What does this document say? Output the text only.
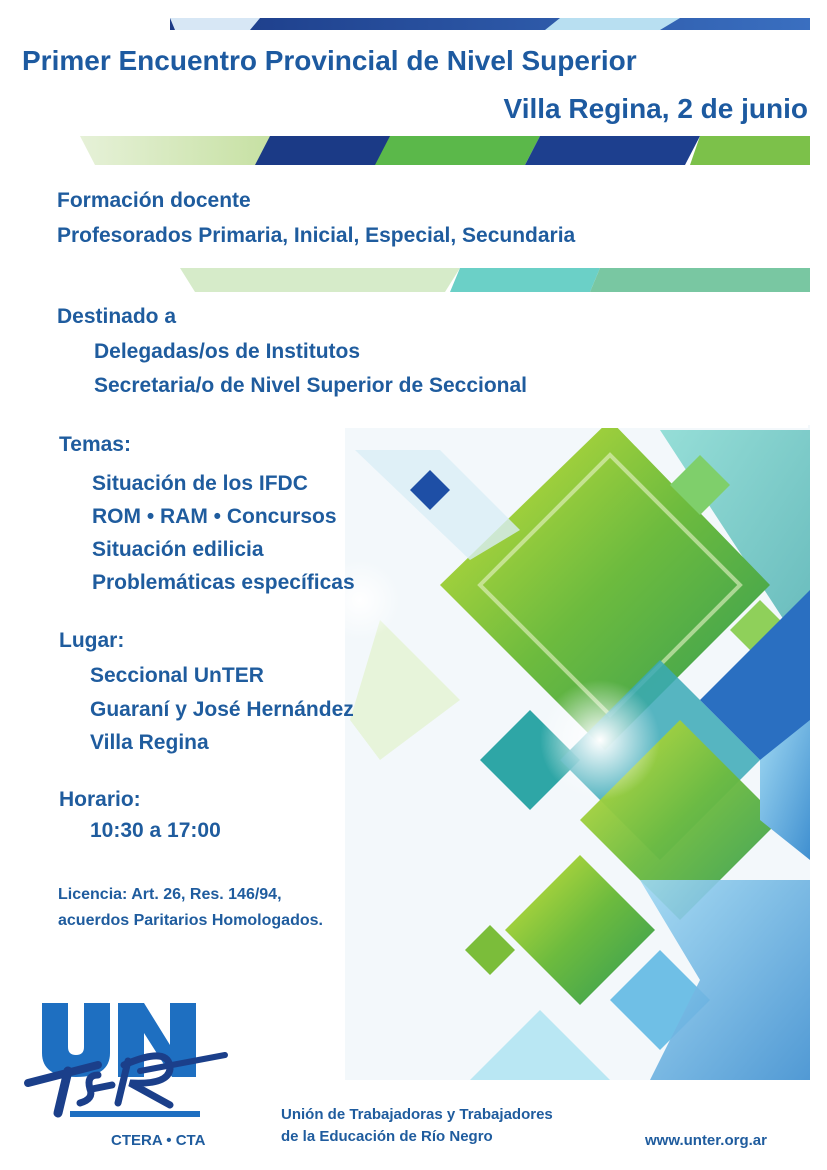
Primer Encuentro Provincial de Nivel Superior
Villa Regina, 2 de junio
Formación docente
Profesorados Primaria, Inicial, Especial, Secundaria
Destinado a
Delegadas/os de Institutos
Secretaria/o de Nivel Superior de Seccional
Temas:
Situación de los IFDC
ROM • RAM • Concursos
Situación edilicia
Problemáticas específicas
Lugar:
Seccional UnTER
Guaraní y José Hernández
Villa Regina
Horario:
10:30 a 17:00
Licencia: Art. 26, Res. 146/94,
acuerdos Paritarios Homologados.
CTERA • CTA
Unión de Trabajadoras y Trabajadores
de la Educación de Río Negro	www.unter.org.ar
